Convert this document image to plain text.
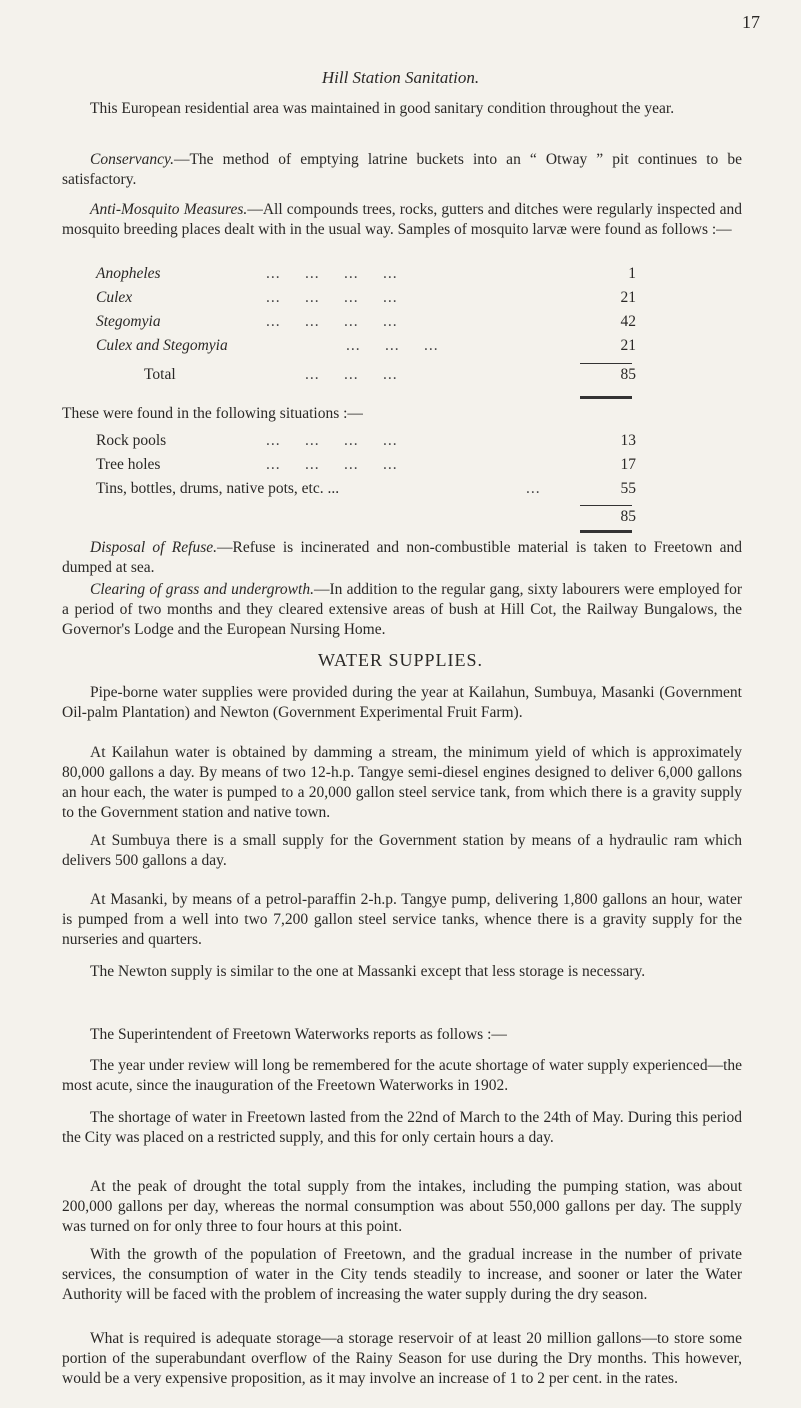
17
Hill Station Sanitation.

This European residential area was maintained in good sanitary condition throughout the year.

Conservancy.—The method of emptying latrine buckets into an “ Otway ” pit continues to be satisfactory.

Anti-Mosquito Measures.—All compounds trees, rocks, gutters and ditches were regularly inspected and mosquito breeding places dealt with in the usual way. Samples of mosquito larvæ were found as follows :—

Anopheles	...     ...     ...     ...	1
Culex	...     ...     ...     ...	21
Stegomyia	...     ...     ...     ...	42
Culex and Stegomyia	...     ...     ...	21
Total	...     ...     ...	85

These were found in the following situations :—

Rock pools	...     ...     ...     ...	13
Tree holes	...     ...     ...     ...	17
Tins, bottles, drums, native pots, etc. ...	...	55
85

Disposal of Refuse.—Refuse is incinerated and non-combustible material is taken to Freetown and dumped at sea.

Clearing of grass and undergrowth.—In addition to the regular gang, sixty labourers were employed for a period of two months and they cleared extensive areas of bush at Hill Cot, the Railway Bungalows, the Governor's Lodge and the European Nursing Home.

WATER SUPPLIES.

Pipe-borne water supplies were provided during the year at Kailahun, Sumbuya, Masanki (Government Oil-palm Plantation) and Newton (Government Experimental Fruit Farm).

At Kailahun water is obtained by damming a stream, the minimum yield of which is approximately 80,000 gallons a day. By means of two 12-h.p. Tangye semi-diesel engines designed to deliver 6,000 gallons an hour each, the water is pumped to a 20,000 gallon steel service tank, from which there is a gravity supply to the Government station and native town.

At Sumbuya there is a small supply for the Government station by means of a hydraulic ram which delivers 500 gallons a day.

At Masanki, by means of a petrol-paraffin 2-h.p. Tangye pump, delivering 1,800 gallons an hour, water is pumped from a well into two 7,200 gallon steel service tanks, whence there is a gravity supply for the nurseries and quarters.

The Newton supply is similar to the one at Massanki except that less storage is necessary.

The Superintendent of Freetown Waterworks reports as follows :—

The year under review will long be remembered for the acute shortage of water supply experienced—the most acute, since the inauguration of the Freetown Waterworks in 1902.

The shortage of water in Freetown lasted from the 22nd of March to the 24th of May. During this period the City was placed on a restricted supply, and this for only certain hours a day.

At the peak of drought the total supply from the intakes, including the pumping station, was about 200,000 gallons per day, whereas the normal consumption was about 550,000 gallons per day. The supply was turned on for only three to four hours at this point.

With the growth of the population of Freetown, and the gradual increase in the number of private services, the consumption of water in the City tends steadily to increase, and sooner or later the Water Authority will be faced with the problem of increasing the water supply during the dry season.

What is required is adequate storage—a storage reservoir of at least 20 million gallons—to store some portion of the superabundant overflow of the Rainy Season for use during the Dry months. This however, would be a very expensive proposition, as it may involve an increase of 1 to 2 per cent. in the rates.
